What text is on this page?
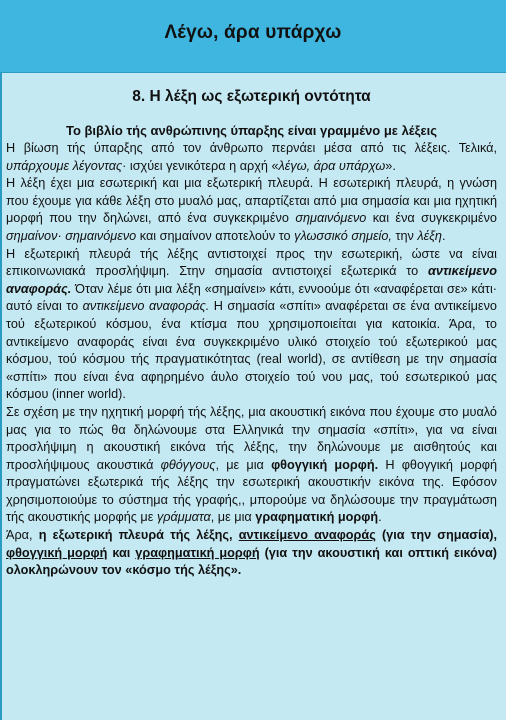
Λέγω, άρα υπάρχω
8. Η λέξη ως εξωτερική οντότητα
Το βιβλίο τής ανθρώπινης ύπαρξης είναι γραμμένο με λέξεις

Η βίωση τής ύπαρξης από τον άνθρωπο περνάει μέσα από τις λέξεις. Τελικά, υπάρχουμε λέγοντας· ισχύει γενικότερα η αρχή «λέγω, άρα υπάρχω».

Η λέξη έχει μια εσωτερική και μια εξωτερική πλευρά. Η εσωτερική πλευρά, η γνώση που έχουμε για κάθε λέξη στο μυαλό μας, απαρτίζεται από μια σημασία και μια ηχητική μορφή που την δηλώνει, από ένα συγκεκριμένο σημαινόμενο και ένα συγκεκριμένο σημαίνον· σημαινόμενο και σημαίνον αποτελούν το γλωσσικό σημείο, την λέξη.

Η εξωτερική πλευρά τής λέξης αντιστοιχεί προς την εσωτερική, ώστε να είναι επικοινωνιακά προσλήψιμη. Στην σημασία αντιστοιχεί εξωτερικά το αντικείμενο αναφοράς. Όταν λέμε ότι μια λέξη «σημαίνει» κάτι, εννοούμε ότι «αναφέρεται σε» κάτι· αυτό είναι το αντικείμενο αναφοράς. Η σημασία «σπίτι» αναφέρεται σε ένα αντικείμενο τού εξωτερικού κόσμου, ένα κτίσμα που χρησιμοποιείται για κατοικία. Άρα, το αντικείμενο αναφοράς είναι ένα συγκεκριμένο υλικό στοιχείο τού εξωτερικού μας κόσμου, τού κόσμου τής πραγματικότητας (real world), σε αντίθεση με την σημασία «σπίτι» που είναι ένα αφηρημένο άυλο στοιχείο τού νου μας, τού εσωτερικού μας κόσμου (inner world).

Σε σχέση με την ηχητική μορφή τής λέξης, μια ακουστική εικόνα που έχουμε στο μυαλό μας για το πώς θα δηλώνουμε στα Ελληνικά την σημασία «σπίτι», για να είναι προσλήψιμη η ακουστική εικόνα τής λέξης, την δηλώνουμε με αισθητούς και προσλήψιμους ακουστικά φθόγγους, με μια φθογγική μορφή. Η φθογγική μορφή πραγματώνει εξωτερικά τής λέξης την εσωτερική ακουστικήν εικόνα της. Εφόσον χρησιμοποιούμε το σύστημα τής γραφής,, μπορούμε να δηλώσουμε την πραγμάτωση τής ακουστικής μορφής με γράμματα, με μια γραφηματική μορφή.

Άρα, η εξωτερική πλευρά τής λέξης, αντικείμενο αναφοράς (για την σημασία), φθογγική μορφή και γραφηματική μορφή (για την ακουστική και οπτική εικόνα) ολοκληρώνουν τον «κόσμο τής λέξης».
